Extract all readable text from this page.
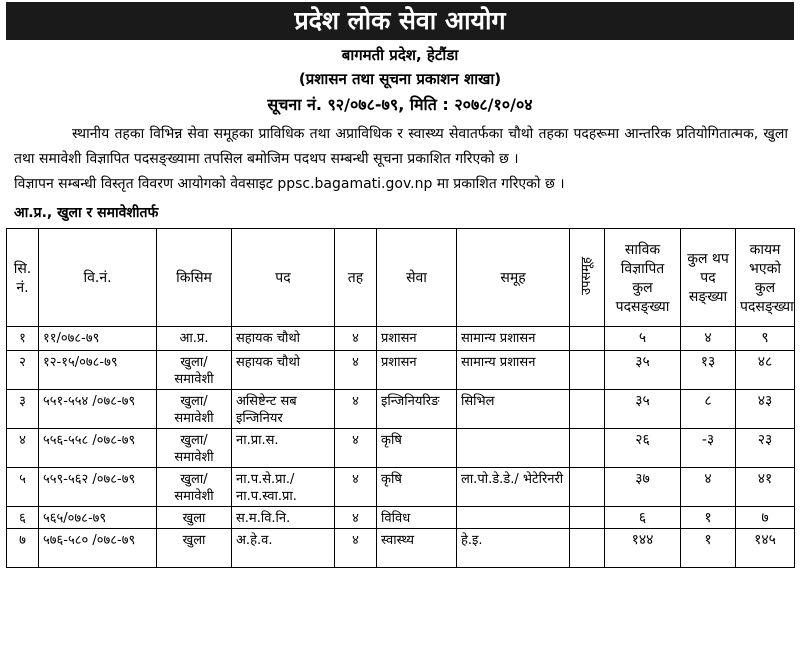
प्रदेश लोक सेवा आयोग
बागमती प्रदेश, हेटौंडा
(प्रशासन तथा सूचना प्रकाशन शाखा)
सूचना नं. ९२/०७८-७९, मिति : २०७८/१०/०४
स्थानीय तहका विभिन्न सेवा समूहका प्राविधिक तथा अप्राविधिक र स्वास्थ्य सेवातर्फका चौथो तहका पदहरूमा आन्तरिक प्रतियोगितात्मक, खुला तथा समावेशी विज्ञापित पदसङ्ख्यामा तपसिल बमोजिम पदथप सम्बन्धी सूचना प्रकाशित गरिएको छ ।
विज्ञापन सम्बन्धी विस्तृत विवरण आयोगको वेवसाइट ppsc.bagamati.gov.np मा प्रकाशित गरिएको छ ।
आ.प्र., खुला र समावेशीतर्फ
सि. नं.	वि.नं.	किसिम	पद	तह	सेवा	समूह	उपसमूह	साविक विज्ञापित कुल पदसङ्ख्या	कुल थप पद सङ्ख्या	कायम भएको कुल पदसङ्ख्या
१	११/०७८-७९	आ.प्र.	सहायक चौथो	४	प्रशासन	सामान्य प्रशासन		५	४	९
२	१२-१५/०७८-७९	खुला/ समावेशी	सहायक चौथो	४	प्रशासन	सामान्य प्रशासन		३५	१३	४८
३	५५१-५५४ /०७८-७९	खुला/ समावेशी	असिष्टेन्ट सब इन्जिनियर	४	इन्जिनियरिङ	सिभिल		३५	८	४३
४	५५६-५५८ /०७८-७९	खुला/ समावेशी	ना.प्रा.स.	४	कृषि			२६	-३	२३
५	५५९-५६२ /०७८-७९	खुला/ समावेशी	ना.प.से.प्रा./ ना.प.स्वा.प्रा.	४	कृषि	ला.पो.डे.डे./ भेटेरिनरी		३७	४	४१
६	५६५/०७८-७९	खुला	स.म.वि.नि.	४	विविध			६	१	७
७	५७६-५८० /०७८-७९	खुला	अ.हे.व.	४	स्वास्थ्य	हे.इ.		१४४	१	१४५
